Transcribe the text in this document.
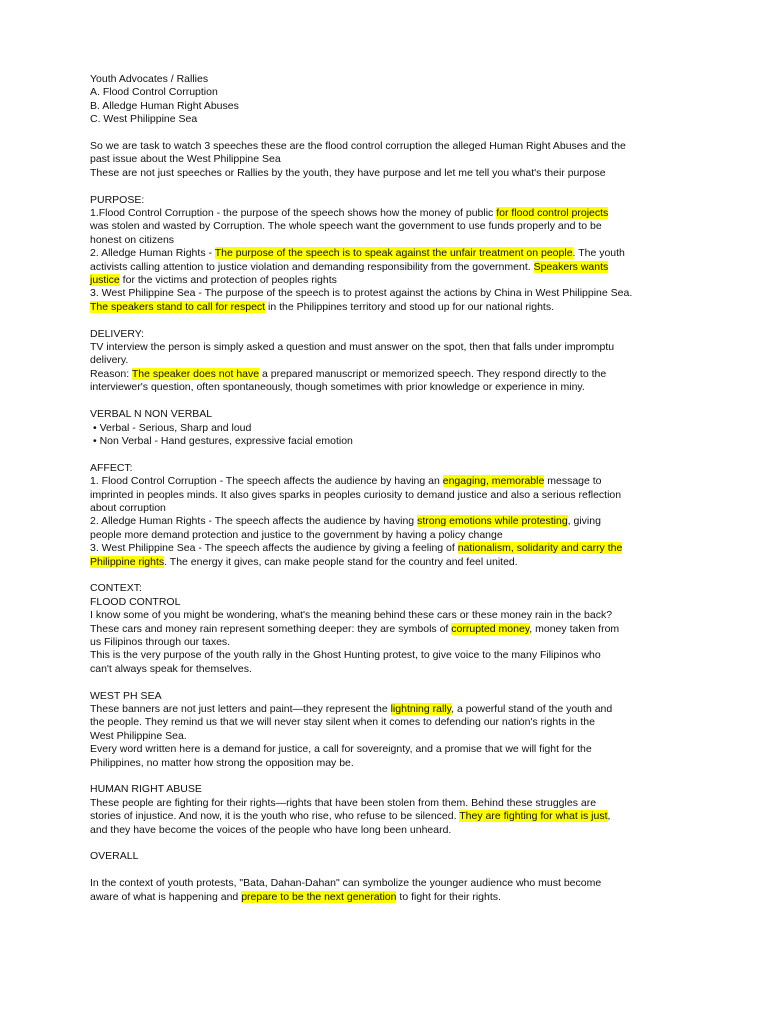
Youth Advocates / Rallies
A. Flood Control Corruption
B. Alledge Human Right Abuses
C. West Philippine Sea
So we are task to watch 3 speeches these are the flood control corruption the alleged Human Right Abuses and the
past issue about the West Philippine Sea
These are not just speeches or Rallies by the youth, they have purpose and let me tell you what's their purpose
PURPOSE:
1.Flood Control Corruption - the purpose of the speech shows how the money of public for flood control projects
was stolen and wasted by Corruption. The whole speech want the government to use funds properly and to be
honest on citizens
2. Alledge Human Rights - The purpose of the speech is to speak against the unfair treatment on people. The youth
activists calling attention to justice violation and demanding responsibility from the government. Speakers wants
justice for the victims and protection of peoples rights
3. West Philippine Sea - The purpose of the speech is to protest against the actions by China in West Philippine Sea.
The speakers stand to call for respect in the Philippines territory and stood up for our national rights.
DELIVERY:
TV interview the person is simply asked a question and must answer on the spot, then that falls under impromptu
delivery.
Reason: The speaker does not have a prepared manuscript or memorized speech. They respond directly to the
interviewer's question, often spontaneously, though sometimes with prior knowledge or experience in miny.
VERBAL N NON VERBAL
• Verbal - Serious, Sharp and loud
• Non Verbal - Hand gestures, expressive facial emotion
AFFECT:
1. Flood Control Corruption - The speech affects the audience by having an engaging, memorable message to
imprinted in peoples minds. It also gives sparks in peoples curiosity to demand justice and also a serious reflection
about corruption
2. Alledge Human Rights - The speech affects the audience by having strong emotions while protesting, giving
people more demand protection and justice to the government by having a policy change
3. West Philippine Sea - The speech affects the audience by giving a feeling of nationalism, solidarity and carry the
Philippine rights. The energy it gives, can make people stand for the country and feel united.
CONTEXT:
FLOOD CONTROL
I know some of you might be wondering, what's the meaning behind these cars or these money rain in the back?
These cars and money rain represent something deeper: they are symbols of corrupted money, money taken from
us Filipinos through our taxes.
This is the very purpose of the youth rally in the Ghost Hunting protest, to give voice to the many Filipinos who
can't always speak for themselves.
WEST PH SEA
These banners are not just letters and paint—they represent the lightning rally, a powerful stand of the youth and
the people. They remind us that we will never stay silent when it comes to defending our nation's rights in the
West Philippine Sea.
Every word written here is a demand for justice, a call for sovereignty, and a promise that we will fight for the
Philippines, no matter how strong the opposition may be.
HUMAN RIGHT ABUSE
These people are fighting for their rights—rights that have been stolen from them. Behind these struggles are
stories of injustice. And now, it is the youth who rise, who refuse to be silenced. They are fighting for what is just,
and they have become the voices of the people who have long been unheard.
OVERALL
In the context of youth protests, "Bata, Dahan-Dahan" can symbolize the younger audience who must become
aware of what is happening and prepare to be the next generation to fight for their rights.
